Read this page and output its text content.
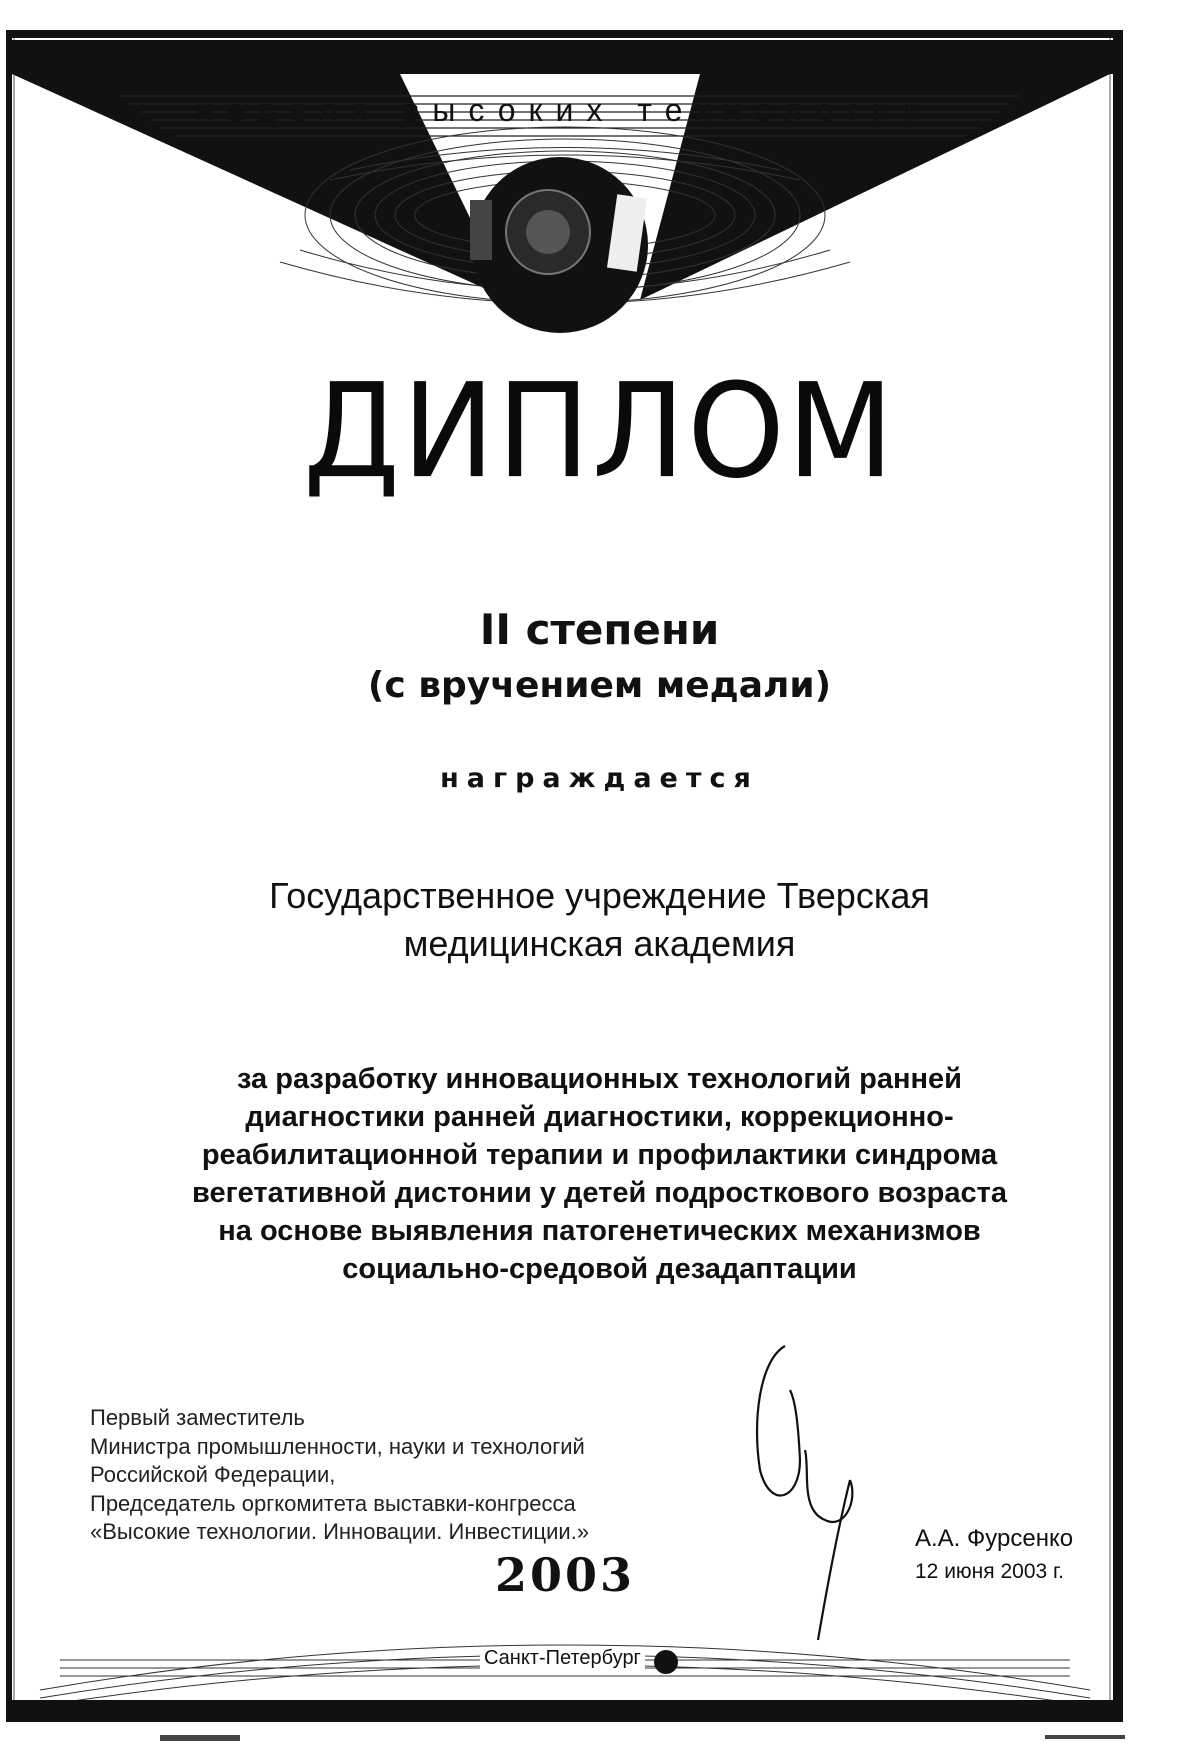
неделя высоких технологий
ДИПЛОМ
II степени
(с вручением медали)
награждается
Государственное учреждение Тверская
медицинская академия
за разработку инновационных технологий ранней
диагностики ранней диагностики, коррекционно-
реабилитационной терапии и профилактики синдрома
вегетативной дистонии у детей подросткового возраста
на основе выявления патогенетических механизмов
социально-средовой дезадаптации
Первый заместитель
Министра промышленности, науки и технологий
Российской Федерации,
Председатель оргкомитета выставки-конгресса
«Высокие технологии. Инновации. Инвестиции.»
2003
А.А. Фурсенко
12 июня 2003 г.
Санкт-Петербург
